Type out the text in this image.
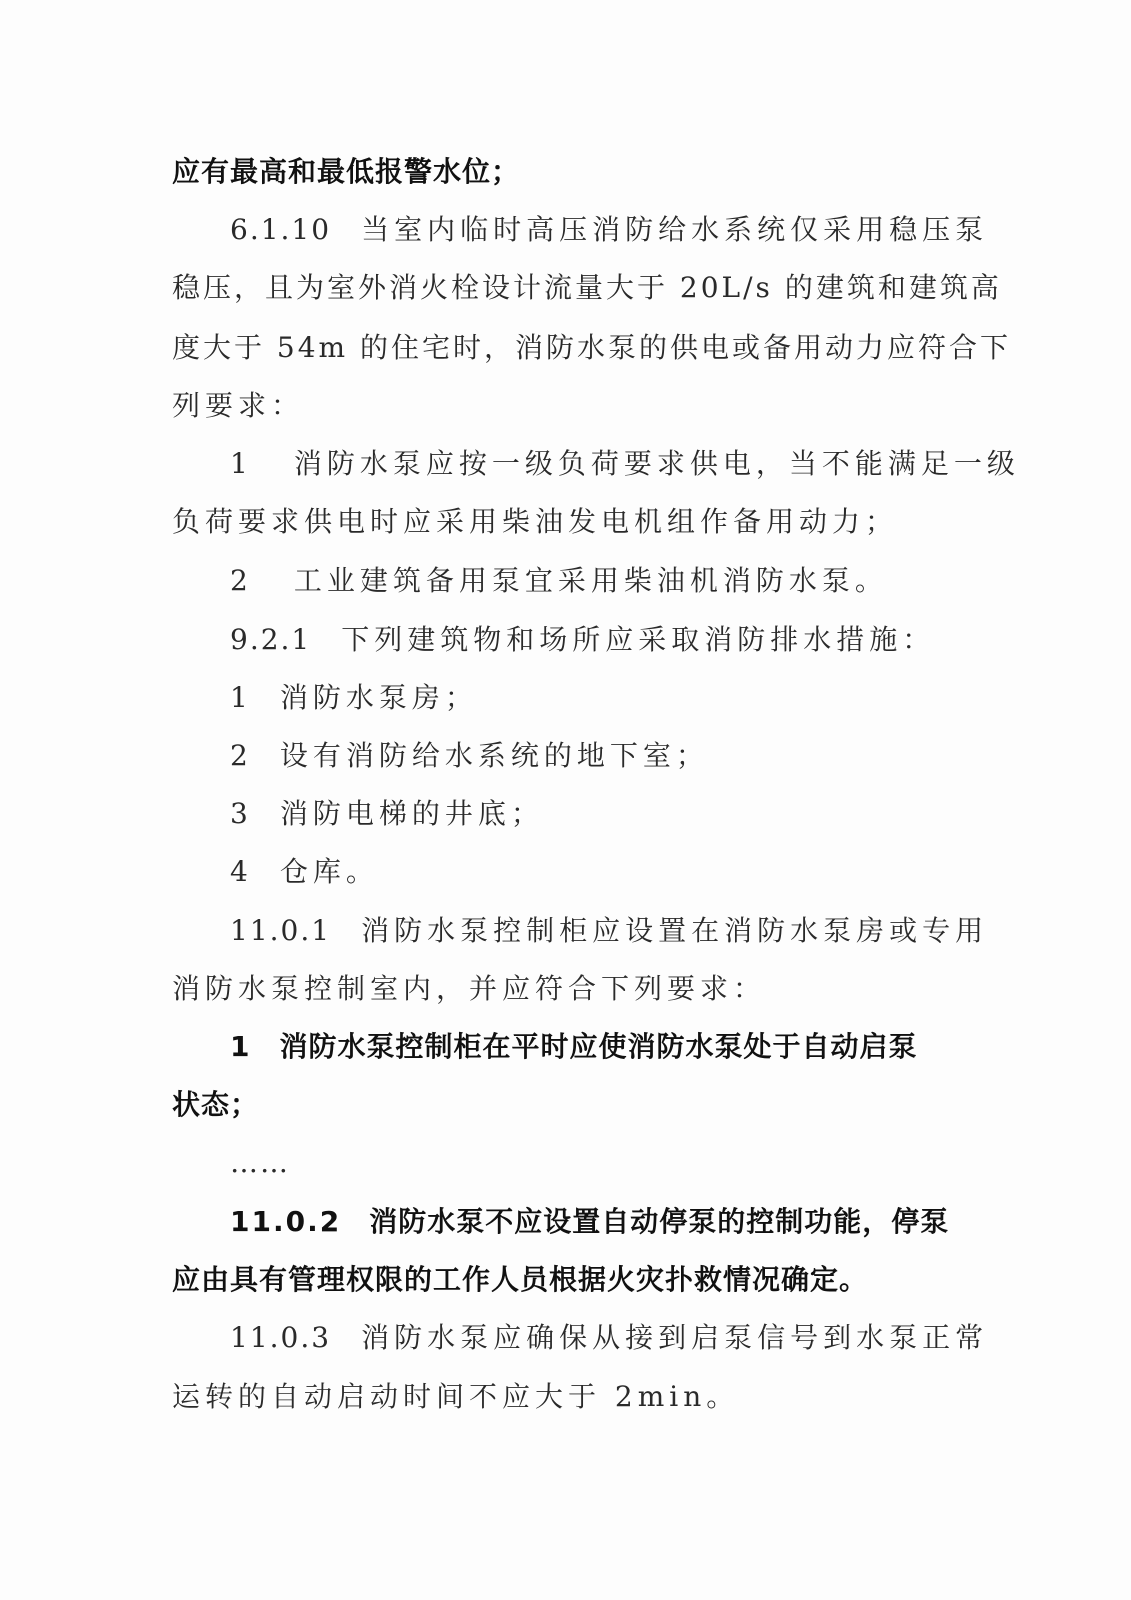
应有最高和最低报警水位；
6.1.10 当室内临时高压消防给水系统仅采用稳压泵
稳压，且为室外消火栓设计流量大于 20L/s 的建筑和建筑高
度大于 54m 的住宅时，消防水泵的供电或备用动力应符合下
列要求：
1 消防水泵应按一级负荷要求供电，当不能满足一级
负荷要求供电时应采用柴油发电机组作备用动力；
2 工业建筑备用泵宜采用柴油机消防水泵。
9.2.1 下列建筑物和场所应采取消防排水措施：
1 消防水泵房；
2 设有消防给水系统的地下室；
3 消防电梯的井底；
4 仓库。
11.0.1 消防水泵控制柜应设置在消防水泵房或专用
消防水泵控制室内，并应符合下列要求：
1 消防水泵控制柜在平时应使消防水泵处于自动启泵
状态；
……
11.0.2 消防水泵不应设置自动停泵的控制功能，停泵
应由具有管理权限的工作人员根据火灾扑救情况确定。
11.0.3 消防水泵应确保从接到启泵信号到水泵正常
运转的自动启动时间不应大于 2min。
